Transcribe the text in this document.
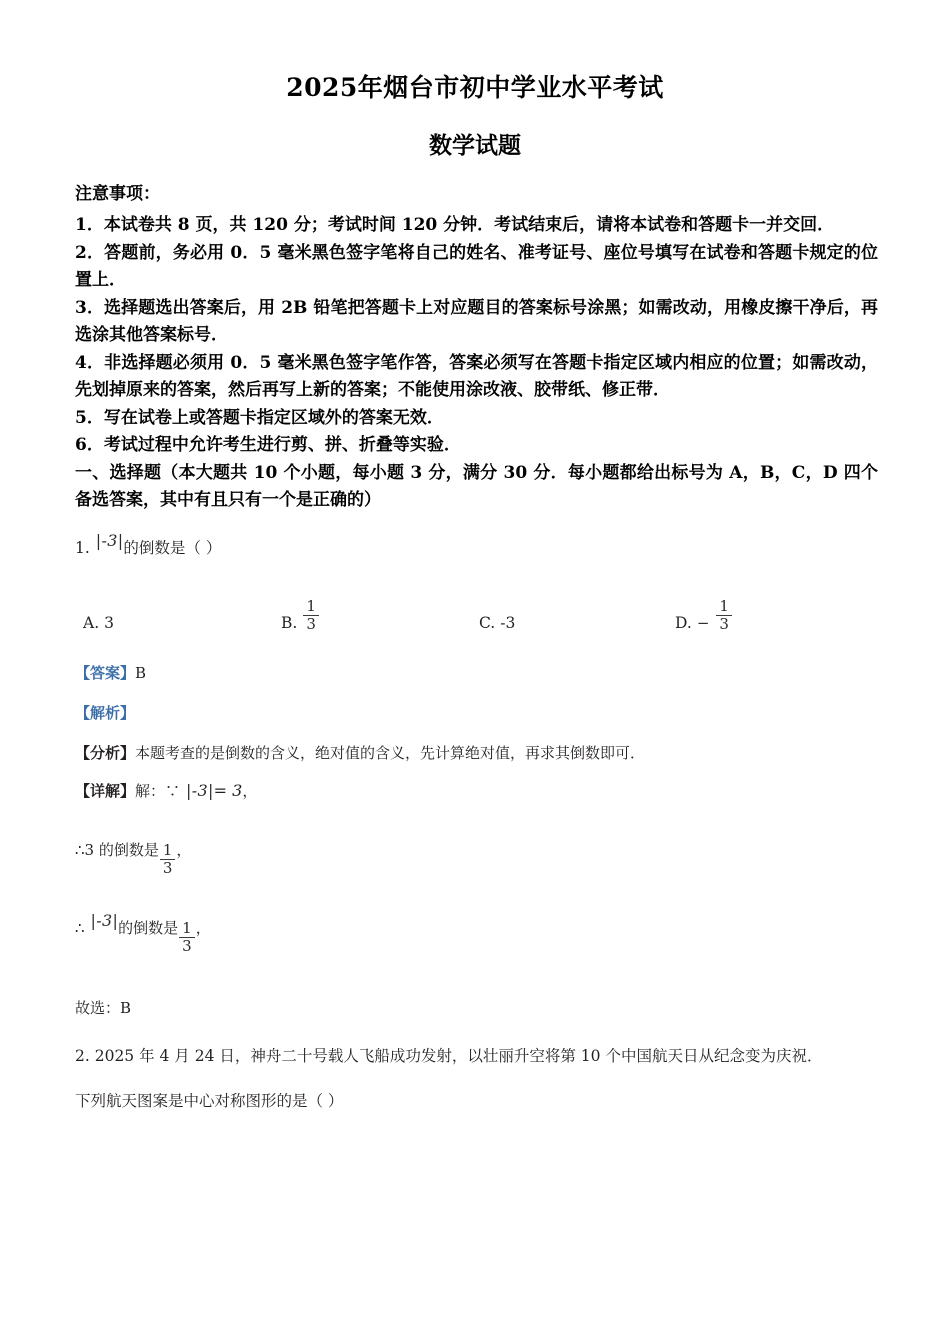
2025年烟台市初中学业水平考试
数学试题
注意事项：

1．本试卷共 8 页，共 120 分；考试时间 120 分钟．考试结束后，请将本试卷和答题卡一并交回．

2．答题前，务必用 0．5 毫米黑色签字笔将自己的姓名、准考证号、座位号填写在试卷和答题卡规定的位置上．

3．选择题选出答案后，用 2B 铅笔把答题卡上对应题目的答案标号涂黑；如需改动，用橡皮擦干净后，再选涂其他答案标号．

4．非选择题必须用 0．5 毫米黑色签字笔作答，答案必须写在答题卡指定区域内相应的位置；如需改动，先划掉原来的答案，然后再写上新的答案；不能使用涂改液、胶带纸、修正带．

5．写在试卷上或答题卡指定区域外的答案无效．

6．考试过程中允许考生进行剪、拼、折叠等实验．

一、选择题（本大题共 10 个小题，每小题 3 分，满分 30 分．每小题都给出标号为 A，B，C，D 四个备选答案，其中有且只有一个是正确的）

1. |-3|的倒数是（ ）

A. 3	B. $\frac{1}{3}$	C. -3	D. − $\frac{1}{3}$

【答案】B

【解析】

【分析】本题考查的是倒数的含义，绝对值的含义，先计算绝对值，再求其倒数即可．

【详解】解：∵ |-3|= 3，

∴ 3 的倒数是 $\frac{1}{3}$ ，
∴ |-3| 的倒数是 $\frac{1}{3}$ ，

故选：B

2. 2025 年 4 月 24 日，神舟二十号载人飞船成功发射，以壮丽升空将第 10 个中国航天日从纪念变为庆祝．

下列航天图案是中心对称图形的是（ ）
